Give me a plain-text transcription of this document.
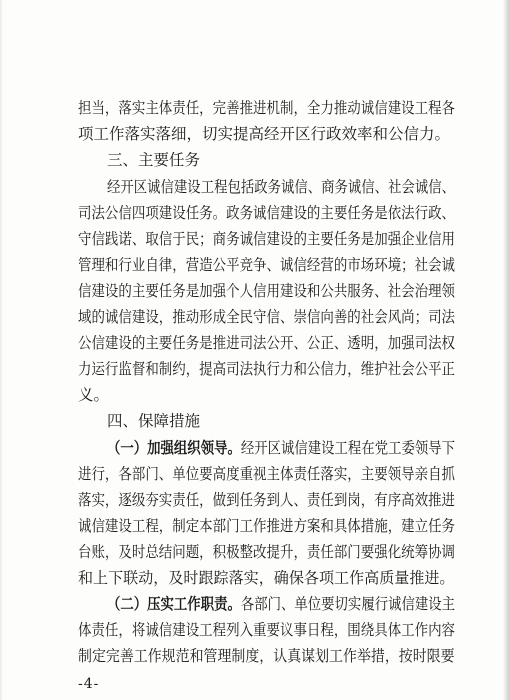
担当，落实主体责任，完善推进机制，全力推动诚信建设工程各
项工作落实落细，切实提高经开区行政效率和公信力。
三、主要任务
经开区诚信建设工程包括政务诚信、商务诚信、社会诚信、
司法公信四项建设任务。政务诚信建设的主要任务是依法行政、
守信践诺、取信于民；商务诚信建设的主要任务是加强企业信用
管理和行业自律，营造公平竞争、诚信经营的市场环境；社会诚
信建设的主要任务是加强个人信用建设和公共服务、社会治理领
域的诚信建设，推动形成全民守信、崇信向善的社会风尚；司法
公信建设的主要任务是推进司法公开、公正、透明，加强司法权
力运行监督和制约，提高司法执行力和公信力，维护社会公平正
义。
四、保障措施
（一）加强组织领导。经开区诚信建设工程在党工委领导下
进行，各部门、单位要高度重视主体责任落实，主要领导亲自抓
落实，逐级夯实责任，做到任务到人、责任到岗，有序高效推进
诚信建设工程，制定本部门工作推进方案和具体措施，建立任务
台账，及时总结问题，积极整改提升，责任部门要强化统筹协调
和上下联动，及时跟踪落实，确保各项工作高质量推进。
（二）压实工作职责。各部门、单位要切实履行诚信建设主
体责任，将诚信建设工程列入重要议事日程，围绕具体工作内容
制定完善工作规范和管理制度，认真谋划工作举措，按时限要
-4-
